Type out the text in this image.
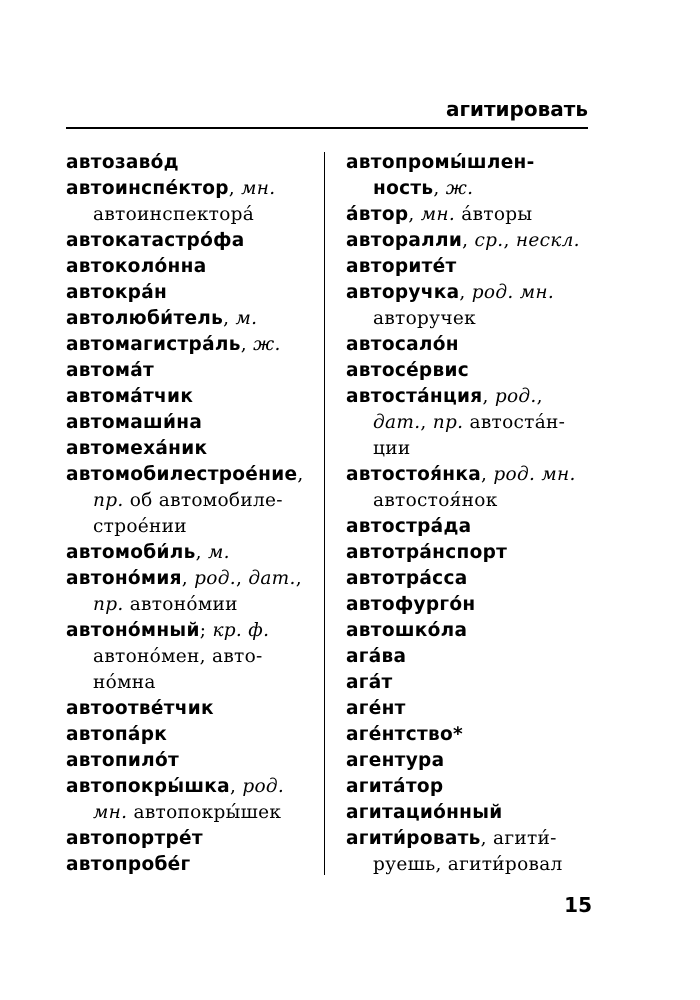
агитировать
автозаво́д
автоинспе́ктор, мн.
автоинспектора́
автокатастро́фа
автоколо́нна
автокра́н
автолюби́тель, м.
автомагистра́ль, ж.
автома́т
автома́тчик
автомаши́на
автомеха́ник
автомобилестрое́ние,
пр. об автомобиле-
строе́нии
автомоби́ль, м.
автоно́мия, род., дат.,
пр. автоно́мии
автоно́мный; кр. ф.
автоно́мен, авто-
но́мна
автоотве́тчик
автопа́рк
автопило́т
автопокры́шка, род.
мн. автопокры́шек
автопортре́т
автопробе́г
автопромы́шлен-
ность, ж.
а́втор, мн. а́вторы
авторалли, ср., нескл.
авторите́т
авторучка, род. мн.
авторучек
автосало́н
автосе́рвис
автоста́нция, род.,
дат., пр. автоста́н-
ции
автостоя́нка, род. мн.
автостоя́нок
автостра́да
автотра́нспорт
автотра́сса
автофурго́н
автошко́ла
ага́ва
ага́т
аге́нт
аге́нтство*
агентура
агита́тор
агитацио́нный
агити́ровать, агити́-
руешь, агити́ровал
15
